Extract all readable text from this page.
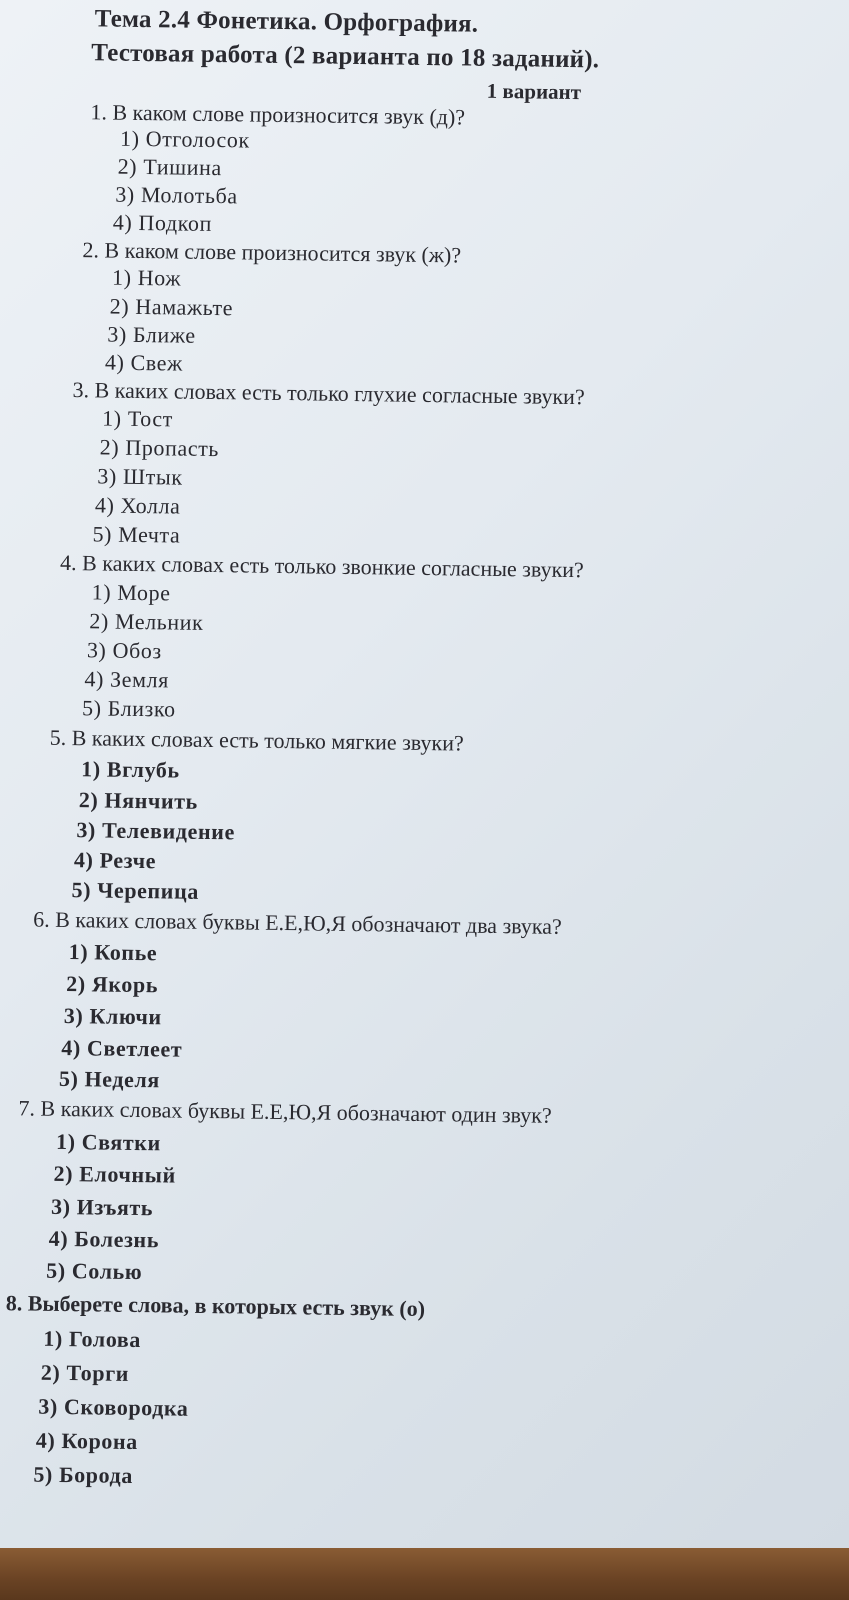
Тема 2.4 Фонетика. Орфография.
Тестовая работа (2 варианта по 18 заданий).
1 вариант
1. В каком слове произносится звук (д)?
1) Отголосок
2) Тишина
3) Молотьба
4) Подкоп
2. В каком слове произносится звук (ж)?
1) Нож
2) Намажьте
3) Ближе
4) Свеж
3. В каких словах есть только глухие согласные звуки?
1) Тост
2) Пропасть
3) Штык
4) Холла
5) Мечта
4. В каких словах есть только звонкие согласные звуки?
1) Море
2) Мельник
3) Обоз
4) Земля
5) Близко
5. В каких словах есть только мягкие звуки?
1) Вглубь
2) Нянчить
3) Телевидение
4) Резче
5) Черепица
6. В каких словах буквы Е.Е,Ю,Я обозначают два звука?
1) Копье
2) Якорь
3) Ключи
4) Светлеет
5) Неделя
7. В каких словах буквы Е.Е,Ю,Я обозначают один звук?
1) Святки
2) Елочный
3) Изъять
4) Болезнь
5) Солью
8. Выберете слова, в которых есть звук (о)
1) Голова
2) Торги
3) Сковородка
4) Корона
5) Борода
